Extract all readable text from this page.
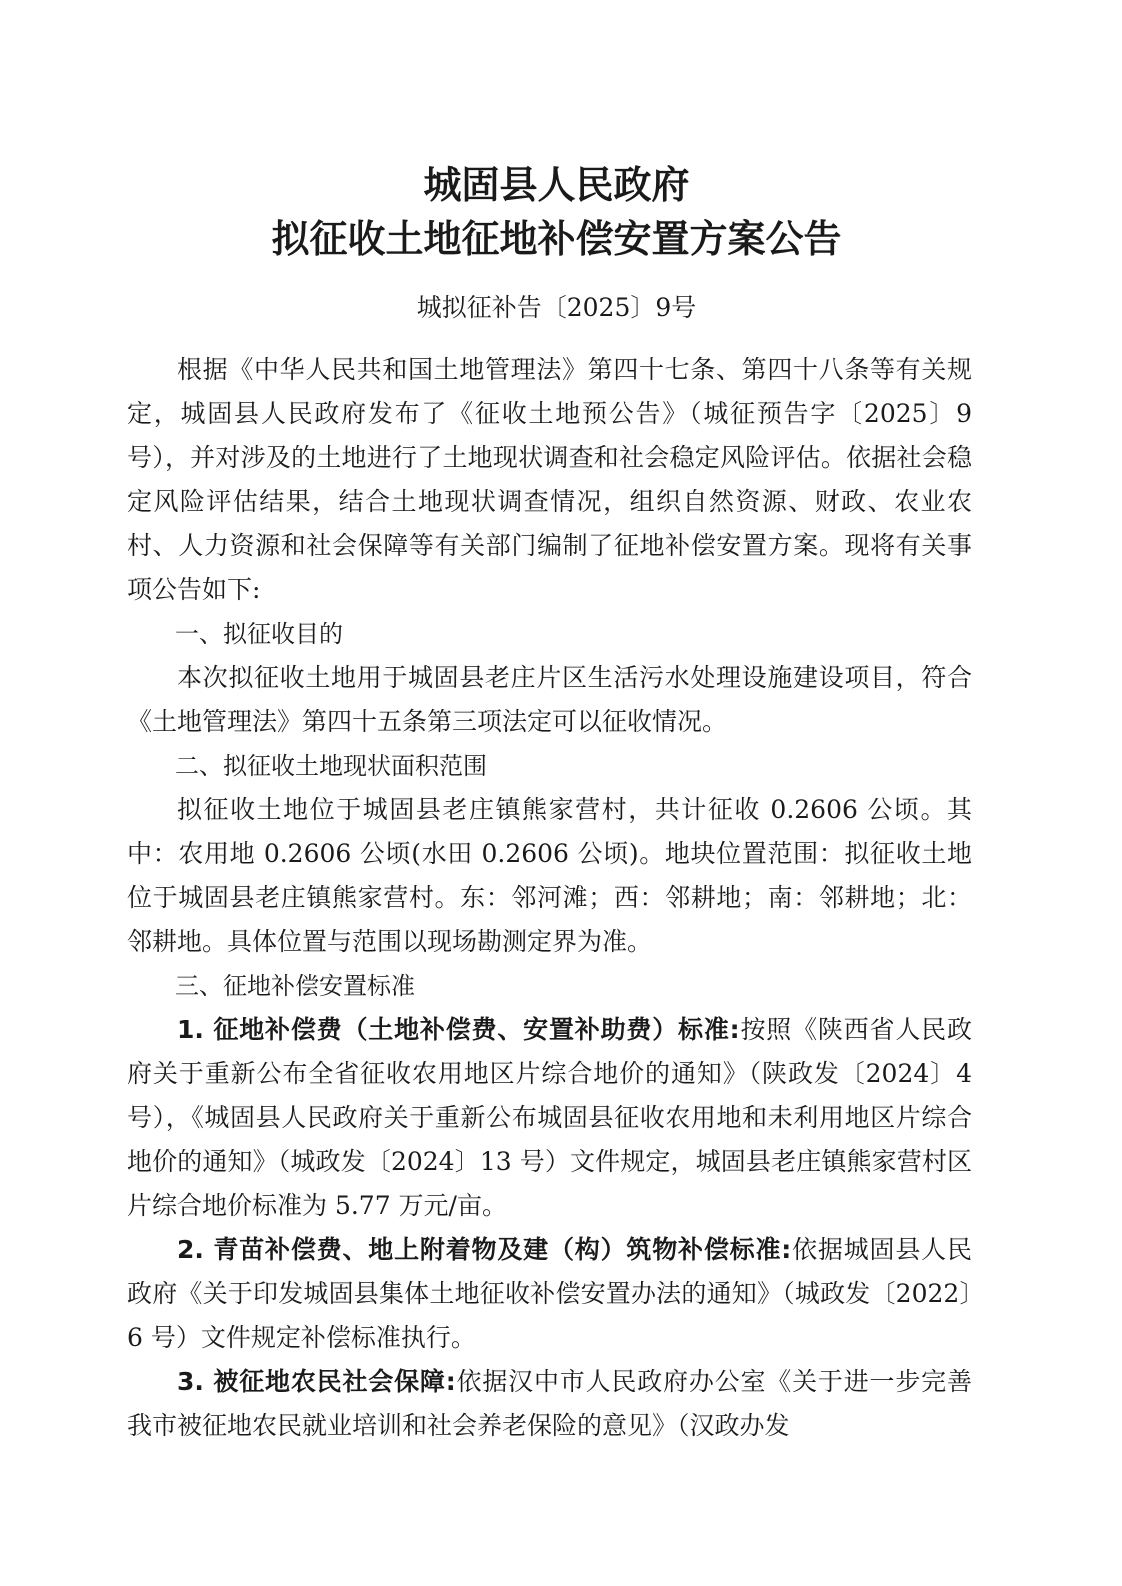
城固县人民政府
拟征收土地征地补偿安置方案公告
城拟征补告〔2025〕9号

根据《中华人民共和国土地管理法》第四十七条、第四十八条等有关规定，城固县人民政府发布了《征收土地预公告》（城征预告字〔2025〕9 号），并对涉及的土地进行了土地现状调查和社会稳定风险评估。依据社会稳定风险评估结果，结合土地现状调查情况，组织自然资源、财政、农业农村、人力资源和社会保障等有关部门编制了征地补偿安置方案。现将有关事项公告如下:

一、拟征收目的

本次拟征收土地用于城固县老庄片区生活污水处理设施建设项目，符合《土地管理法》第四十五条第三项法定可以征收情况。

二、拟征收土地现状面积范围

拟征收土地位于城固县老庄镇熊家营村，共计征收 0.2606 公顷。其中：农用地 0.2606 公顷(水田 0.2606 公顷)。地块位置范围：拟征收土地位于城固县老庄镇熊家营村。东：邻河滩；西：邻耕地；南：邻耕地；北：邻耕地。具体位置与范围以现场勘测定界为准。

三、征地补偿安置标准

1. 征地补偿费（土地补偿费、安置补助费）标准:按照《陕西省人民政府关于重新公布全省征收农用地区片综合地价的通知》（陕政发〔2024〕4 号），《城固县人民政府关于重新公布城固县征收农用地和未利用地区片综合地价的通知》（城政发〔2024〕13 号）文件规定，城固县老庄镇熊家营村区片综合地价标准为 5.77 万元/亩。

2. 青苗补偿费、地上附着物及建（构）筑物补偿标准:依据城固县人民政府《关于印发城固县集体土地征收补偿安置办法的通知》（城政发〔2022〕6 号）文件规定补偿标准执行。

3. 被征地农民社会保障:依据汉中市人民政府办公室《关于进一步完善我市被征地农民就业培训和社会养老保险的意见》（汉政办发
